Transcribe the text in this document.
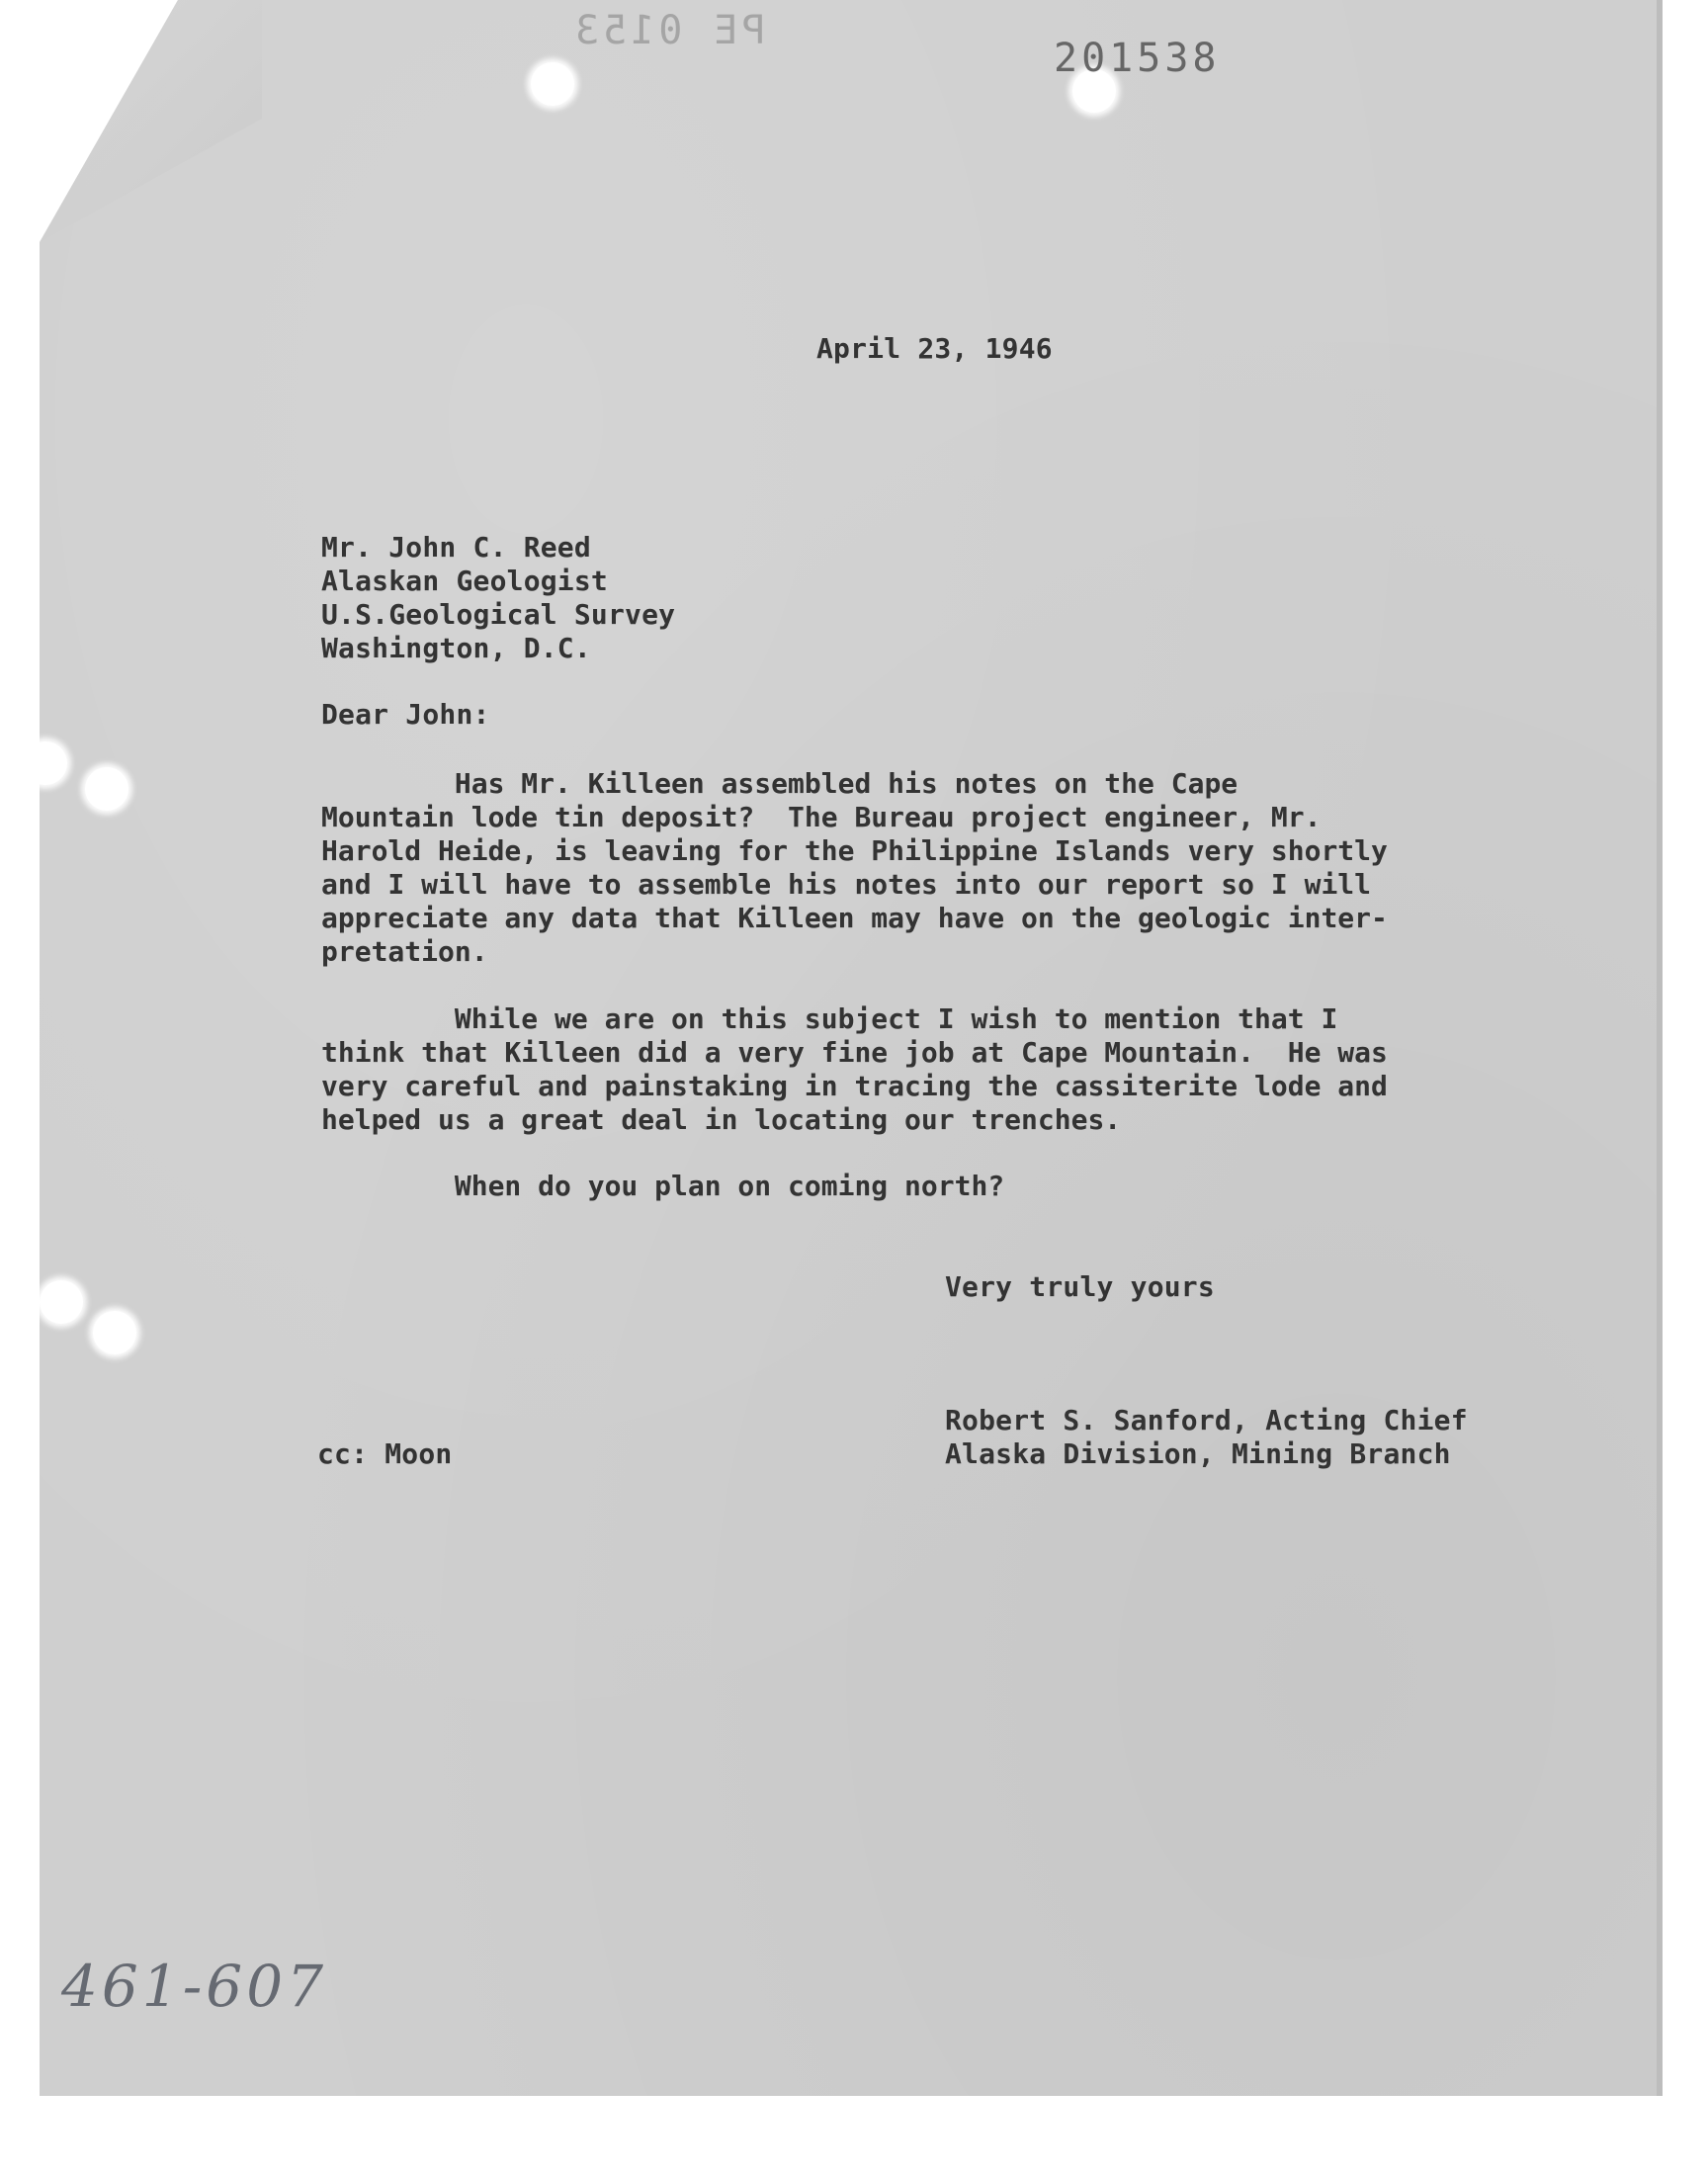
PE 0153
201538
April 23, 1946
Mr. John C. Reed
Alaskan Geologist
U.S.Geological Survey
Washington, D.C.
Dear John:
Has Mr. Killeen assembled his notes on the Cape
Mountain lode tin deposit?  The Bureau project engineer, Mr.
Harold Heide, is leaving for the Philippine Islands very shortly
and I will have to assemble his notes into our report so I will
appreciate any data that Killeen may have on the geologic inter-
pretation.
While we are on this subject I wish to mention that I
think that Killeen did a very fine job at Cape Mountain.  He was
very careful and painstaking in tracing the cassiterite lode and
helped us a great deal in locating our trenches.
When do you plan on coming north?
Very truly yours
Robert S. Sanford, Acting Chief
Alaska Division, Mining Branch
cc: Moon
461-607
